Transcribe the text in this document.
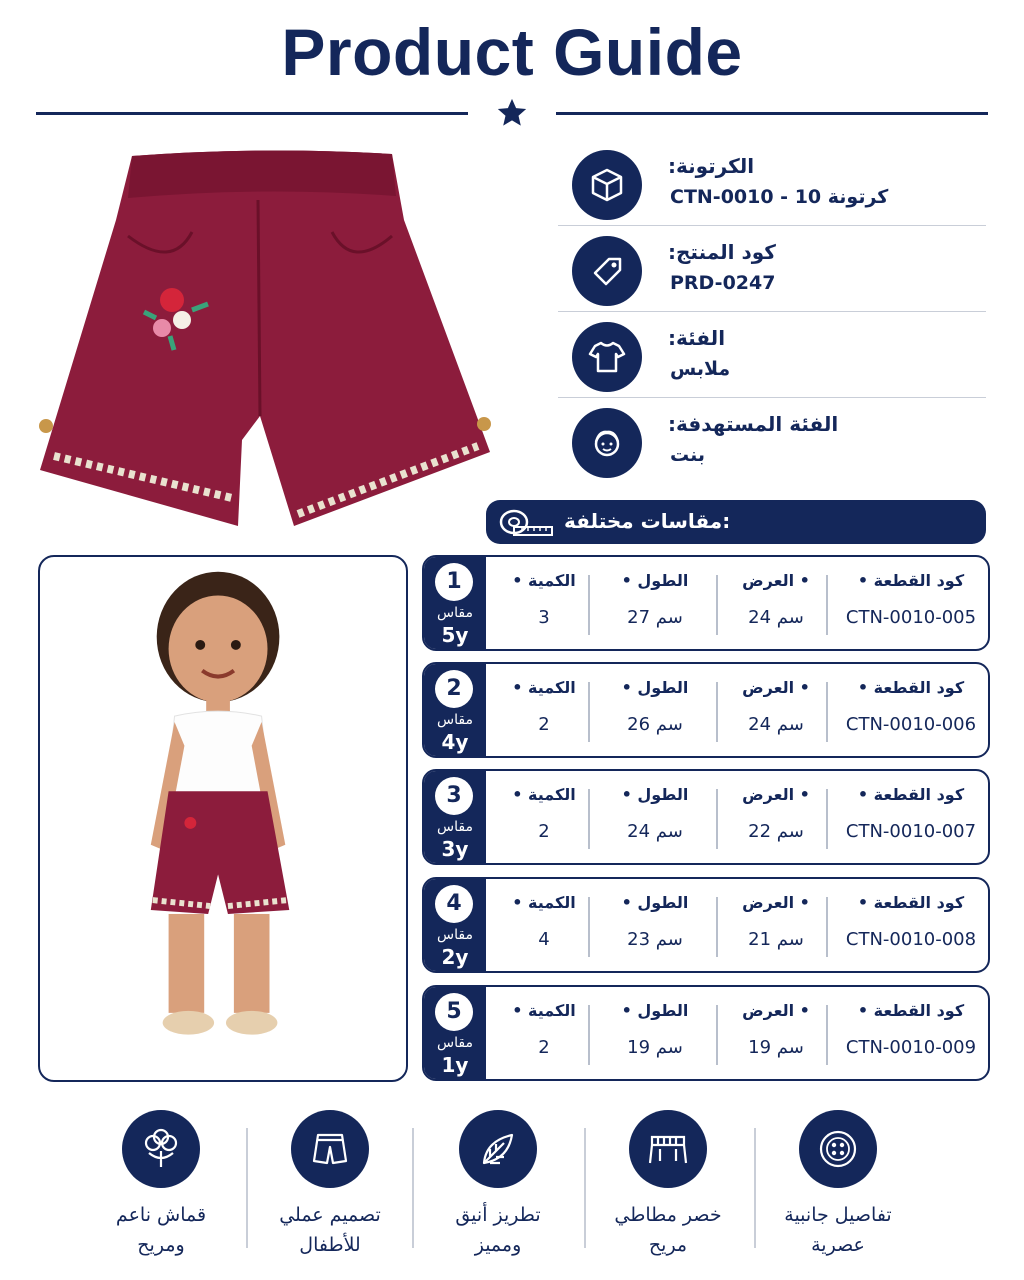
Product Guide
الكرتونة:
CTN-0010 - 10 كرتونة
كود المنتج:
PRD-0247
الفئة:
ملابس
الفئة المستهدفة:
بنت
مقاسات مختلفة:
1
مقاس
5y
• الكمية
3
• الطول
27 سم
العرض •
24 سم
• كود القطعة
CTN-0010-005
2
مقاس
4y
• الكمية
2
• الطول
26 سم
العرض •
24 سم
• كود القطعة
CTN-0010-006
3
مقاس
3y
• الكمية
2
• الطول
24 سم
العرض •
22 سم
• كود القطعة
CTN-0010-007
4
مقاس
2y
• الكمية
4
• الطول
23 سم
العرض •
21 سم
• كود القطعة
CTN-0010-008
5
مقاس
1y
• الكمية
2
• الطول
19 سم
العرض •
19 سم
• كود القطعة
CTN-0010-009
قماش ناعم
ومريح
تصميم عملي
للأطفال
تطريز أنيق
ومميز
خصر مطاطي
مريح
تفاصيل جانبية
عصرية
